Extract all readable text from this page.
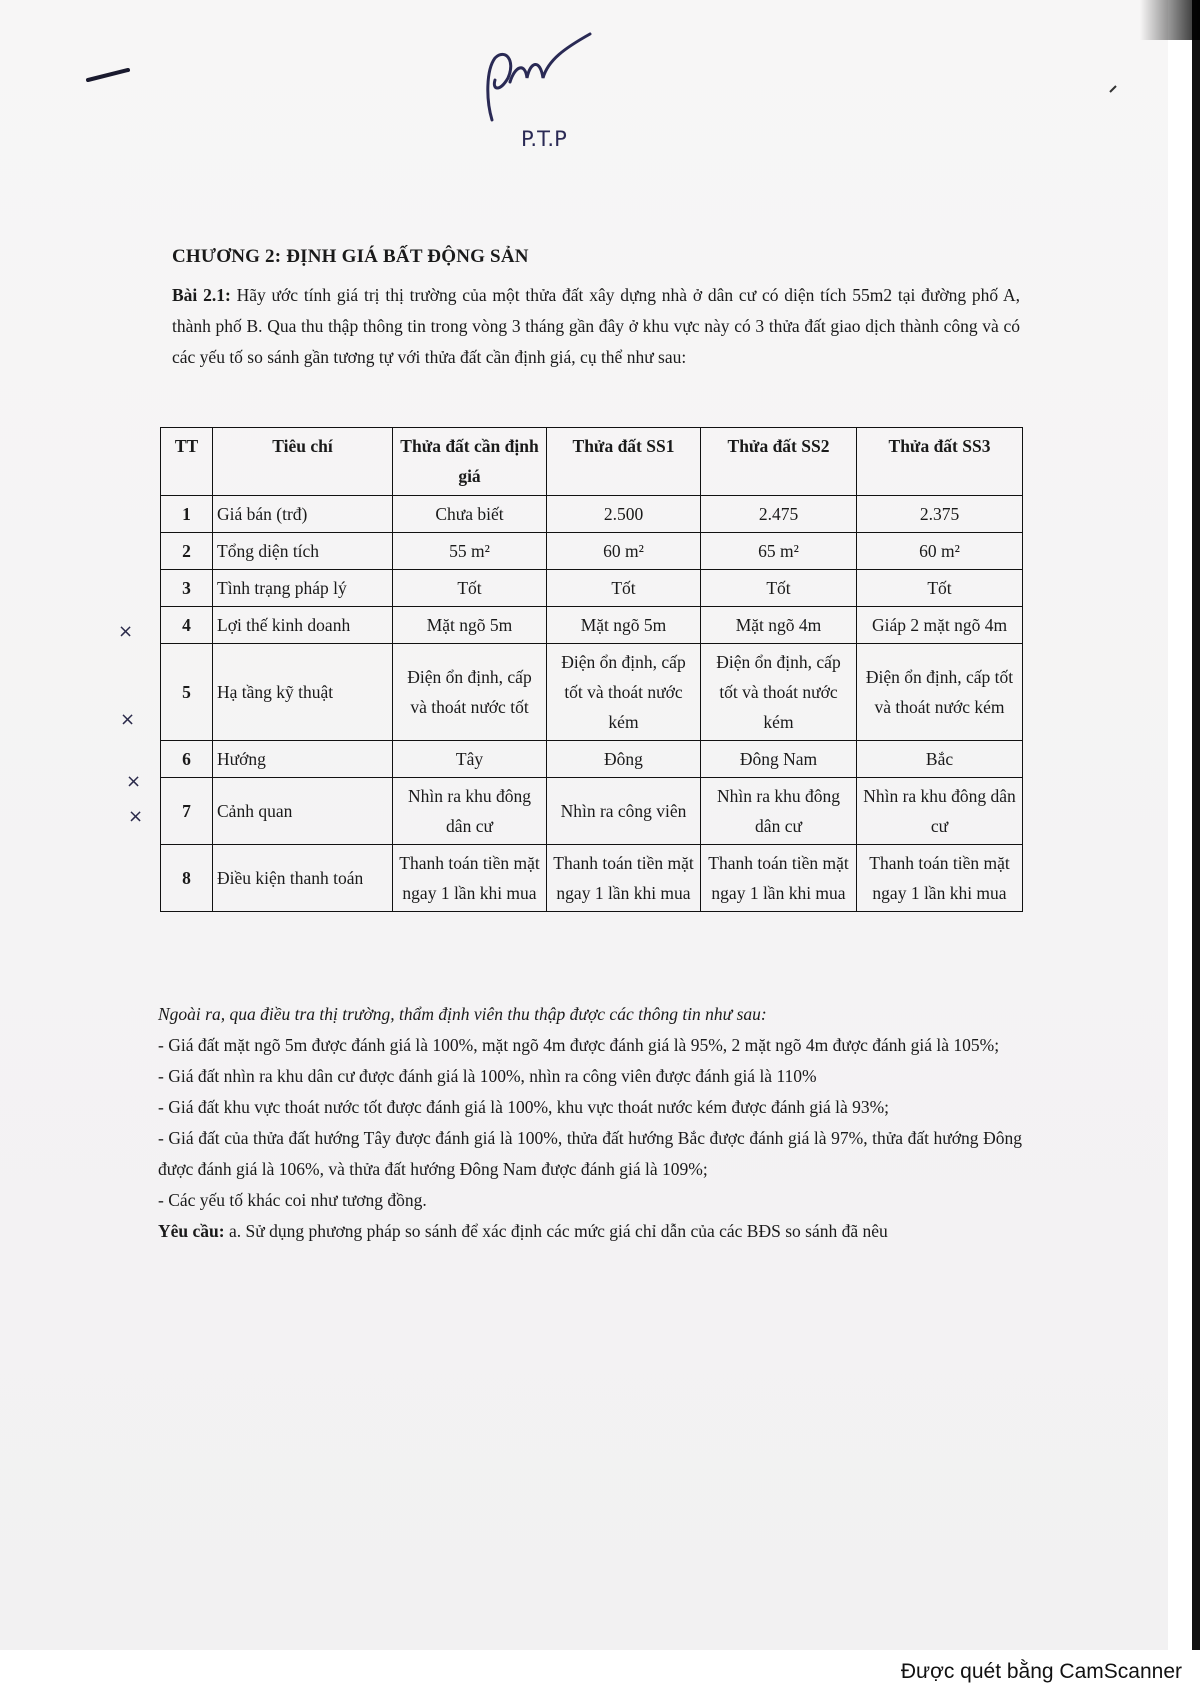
P.T.P
×
×
×
×
CHƯƠNG 2: ĐỊNH GIÁ BẤT ĐỘNG SẢN
Bài 2.1: Hãy ước tính giá trị thị trường của một thửa đất xây dựng nhà ở dân cư có diện tích 55m2 tại đường phố A, thành phố B. Qua thu thập thông tin trong vòng 3 tháng gần đây ở khu vực này có 3 thửa đất giao dịch thành công và có các yếu tố so sánh gần tương tự với thửa đất cần định giá, cụ thể như sau:
TT	Tiêu chí	Thửa đất cần định giá	Thửa đất SS1	Thửa đất SS2	Thửa đất SS3
1	Giá bán (trđ)	Chưa biết	2.500	2.475	2.375
2	Tổng diện tích	55 m²	60 m²	65 m²	60 m²
3	Tình trạng pháp lý	Tốt	Tốt	Tốt	Tốt
4	Lợi thế kinh doanh	Mặt ngõ 5m	Mặt ngõ 5m	Mặt ngõ 4m	Giáp 2 mặt ngõ 4m
5	Hạ tầng kỹ thuật	Điện ổn định, cấp và thoát nước tốt	Điện ổn định, cấp tốt và thoát nước kém	Điện ổn định, cấp tốt và thoát nước kém	Điện ổn định, cấp tốt và thoát nước kém
6	Hướng	Tây	Đông	Đông Nam	Bắc
7	Cảnh quan	Nhìn ra khu đông dân cư	Nhìn ra công viên	Nhìn ra khu đông dân cư	Nhìn ra khu đông dân cư
8	Điều kiện thanh toán	Thanh toán tiền mặt ngay 1 lần khi mua	Thanh toán tiền mặt ngay 1 lần khi mua	Thanh toán tiền mặt ngay 1 lần khi mua	Thanh toán tiền mặt ngay 1 lần khi mua
Ngoài ra, qua điều tra thị trường, thẩm định viên thu thập được các thông tin như sau:
- Giá đất mặt ngõ 5m được đánh giá là 100%, mặt ngõ 4m được đánh giá là 95%, 2 mặt ngõ 4m được đánh giá là 105%;
- Giá đất nhìn ra khu dân cư được đánh giá là 100%, nhìn ra công viên được đánh giá là 110%
- Giá đất khu vực thoát nước tốt được đánh giá là 100%, khu vực thoát nước kém được đánh giá là 93%;
- Giá đất của thửa đất hướng Tây được đánh giá là 100%, thửa đất hướng Bắc được đánh giá là 97%, thửa đất hướng Đông được đánh giá là 106%, và thửa đất hướng Đông Nam được đánh giá là 109%;
- Các yếu tố khác coi như tương đồng.
Yêu cầu: a. Sử dụng phương pháp so sánh để xác định các mức giá chỉ dẫn của các BĐS so sánh đã nêu
Được quét bằng CamScanner
